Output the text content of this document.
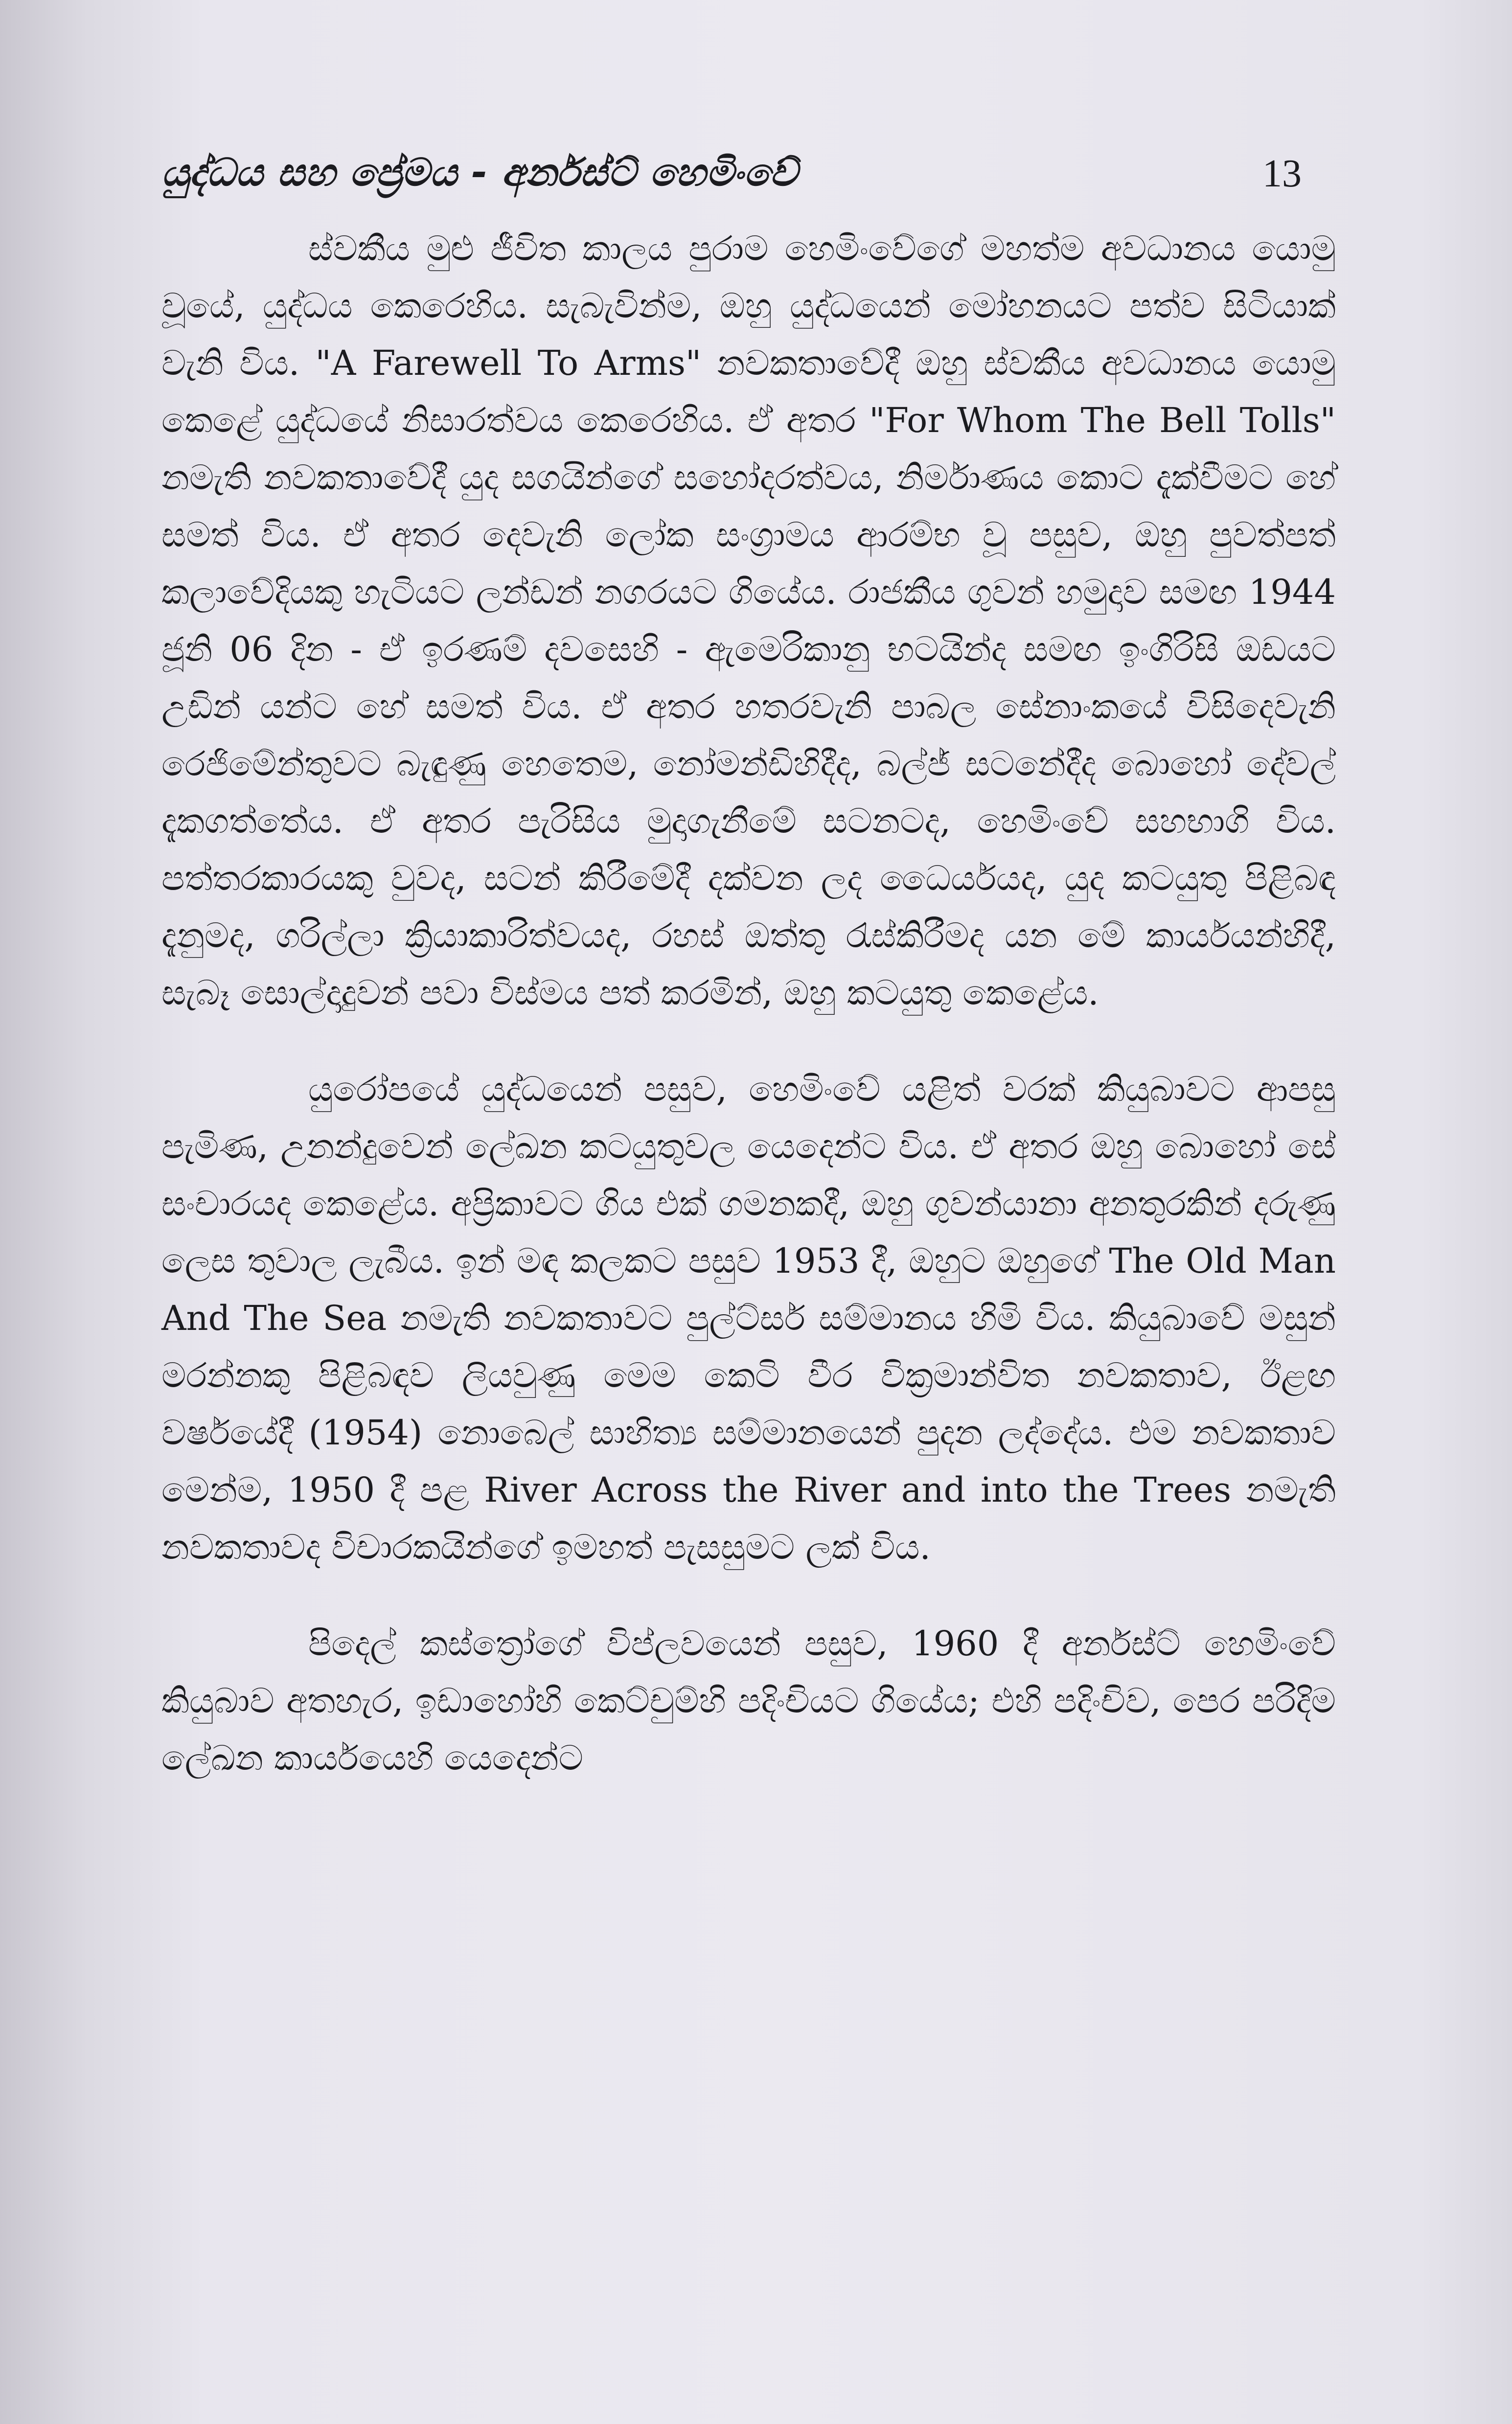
යුද්ධය සහ ප්‍රේමය - අර්නස්ට් හෙමිංවේ	13

ස්වකීය මුළු ජීවිත කාලය පුරාම හෙමිංවේගේ මහත්ම අවධානය යොමු වූයේ, යුද්ධය කෙරෙහිය. සැබැවින්ම, ඔහු යුද්ධයෙන් මෝහනයට පත්ව සිටියාක් වැනි විය. "A Farewell To Arms" නවකතාවේදී ඔහු ස්වකීය අවධානය යොමු කෙළේ යුද්ධයේ නිසාරත්වය කෙරෙහිය. ඒ අතර "For Whom The Bell Tolls" නමැති නවකතාවේදී යුද සගයින්ගේ සහෝදරත්වය, නිර්මාණය කොට දැක්වීමට හේ සමත් විය. ඒ අතර දෙවැනි ලෝක සංග්‍රාමය ආරම්භ වූ පසුව, ඔහු පුවත්පත් කලාවේදියකු හැටියට ලන්ඩන් නගරයට ගියේය. රාජකීය ගුවන් හමුදාව සමඟ 1944 ජූනි 06 දින - ඒ ඉරණම් දවසෙහි - ඇමෙරිකානු භටයින්ද සමඟ ඉංගිරිසි ඔඩයට උඩින් යන්ට හේ සමත් විය. ඒ අතර හතරවැනි පාබල සේනාංකයේ විසිදෙවැනි රෙජිමේන්තුවට බැඳුණු හෙතෙම, නෝමන්ඩිහිදීද, බල්ජ් සටනේදීද බොහෝ දේවල් දැකගත්තේය. ඒ අතර පැරිසිය මුදාගැනීමේ සටනටද, හෙමිංවේ සහභාගි විය. පත්තරකාරයකු වුවද, සටන් කිරීමේදී දක්වන ලද ධෛර්යයද, යුද කටයුතු පිළිබඳ දැනුමද, ගරිල්ලා ක්‍රියාකාරිත්වයද, රහස් ඔත්තු රැස්කිරීමද යන මේ කාර්යයන්හිදී, සැබෑ සොල්දාදුවන් පවා විස්මය පත් කරමින්, ඔහු කටයුතු කෙළේය.

යුරෝපයේ යුද්ධයෙන් පසුව, හෙමිංවේ යළිත් වරක් කියුබාවට ආපසු පැමිණ, උනන්දුවෙන් ලේඛන කටයුතුවල යෙදෙන්ට විය. ඒ අතර ඔහු බොහෝ සේ සංචාරයද කෙළේය. අප්‍රිකාවට ගිය එක් ගමනකදී, ඔහු ගුවන්යානා අනතුරකින් දරුණු ලෙස තුවාල ලැබීය. ඉන් මඳ කලකට පසුව 1953 දී, ඔහුට ඔහුගේ The Old Man And The Sea නමැති නවකතාවට පුල්ට්සර් සම්මානය හිමි විය. කියුබාවේ මසුන් මරන්නකු පිළිබඳව ලියවුණු මෙම කෙටි වීර වික්‍රමාන්විත නවකතාව, ඊළඟ වර්ෂයේදී (1954) නොබෙල් සාහිත්‍ය සම්මානයෙන් පුදන ලද්දේය. එම නවකතාව මෙන්ම, 1950 දී පළ River Across the River and into the Trees නමැති නවකතාවද විචාරකයින්ගේ ඉමහත් පැසසුමට ලක් විය.

පිදෙල් කස්ත්‍රෝගේ විප්ලවයෙන් පසුව, 1960 දී අර්නස්ට් හෙමිංවේ කියුබාව අතහැර, ඉඩාහෝහි කෙට්චුම්හි පදිංචියට ගියේය; එහි පදිංචිව, පෙර පරිදිම ලේඛන කාර්යයෙහි යෙදෙන්ට
